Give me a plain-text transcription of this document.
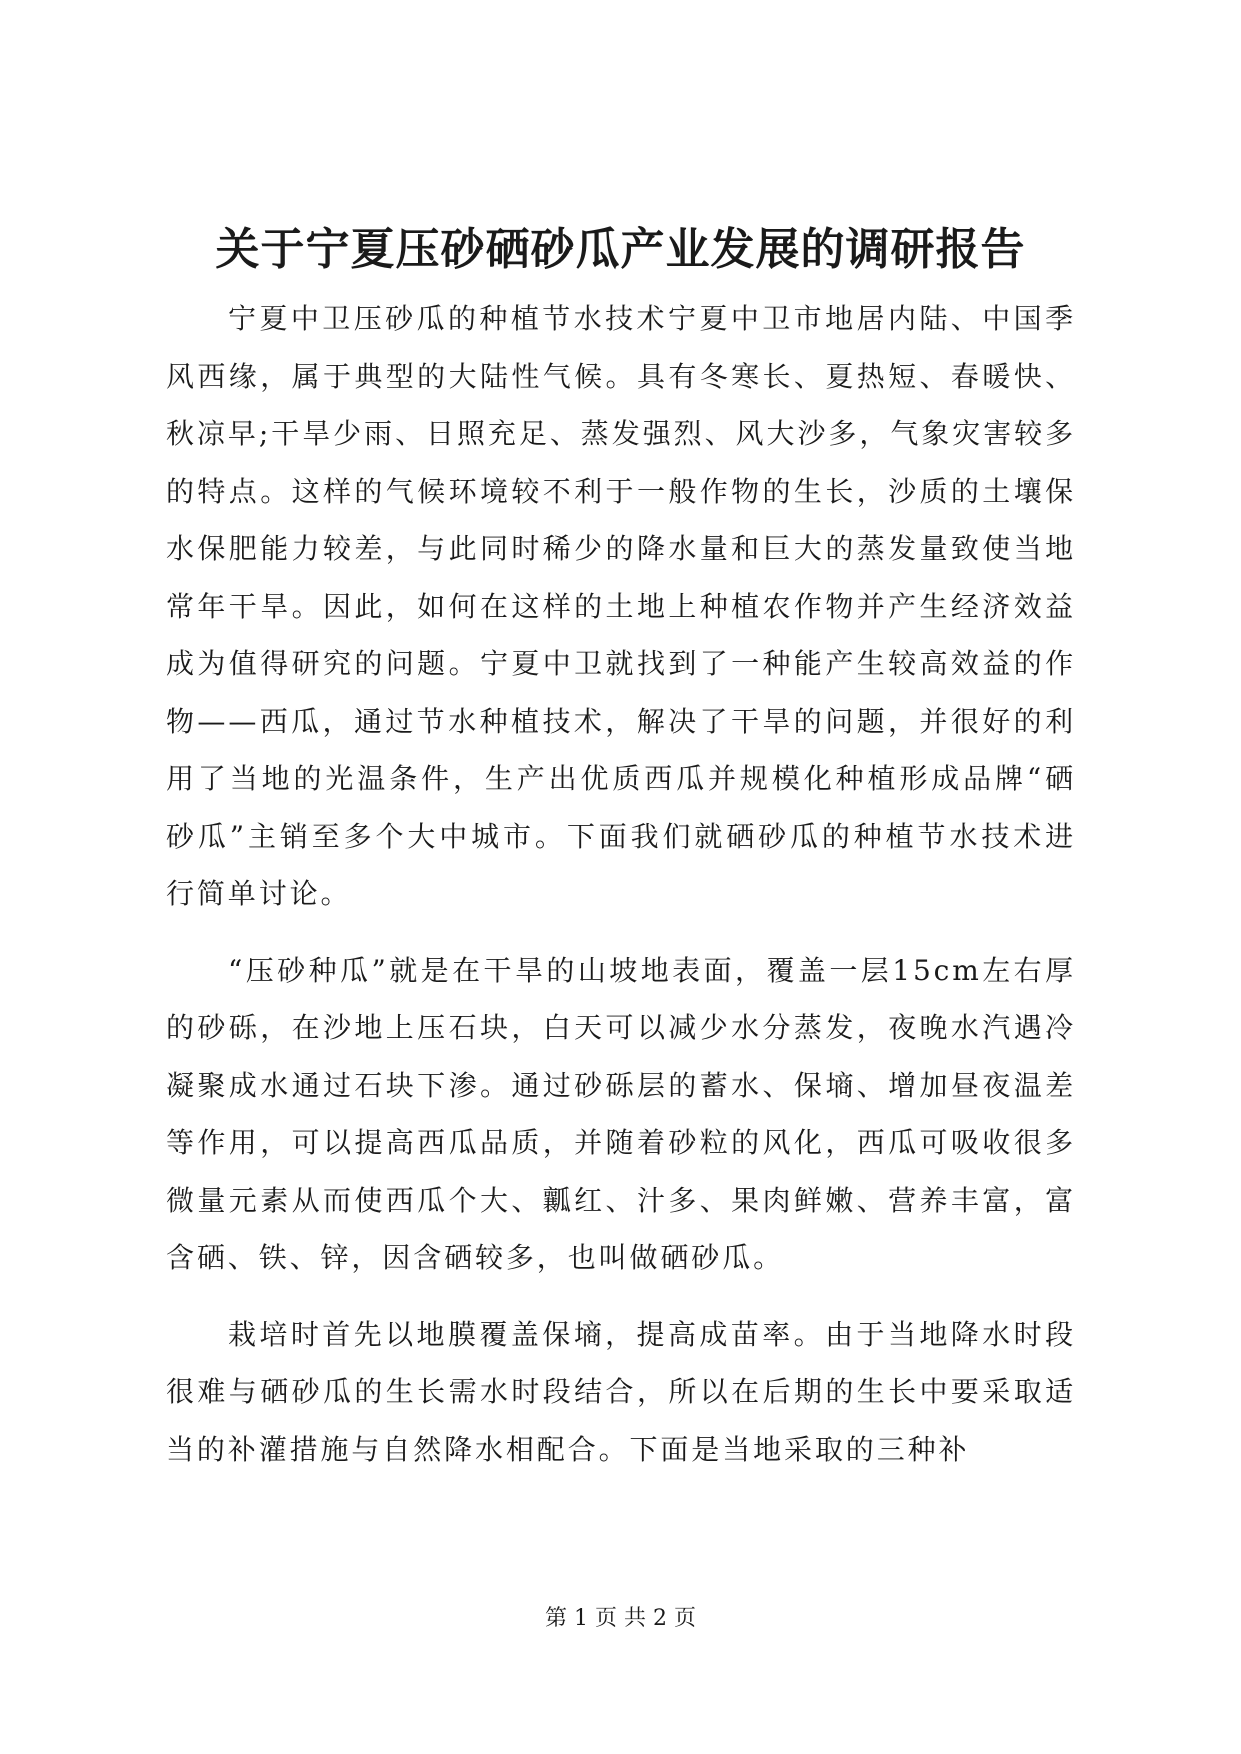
关于宁夏压砂硒砂瓜产业发展的调研报告

宁夏中卫压砂瓜的种植节水技术宁夏中卫市地居内陆、中国季风西缘，属于典型的大陆性气候。具有冬寒长、夏热短、春暖快、秋凉早;干旱少雨、日照充足、蒸发强烈、风大沙多，气象灾害较多的特点。这样的气候环境较不利于一般作物的生长，沙质的土壤保水保肥能力较差，与此同时稀少的降水量和巨大的蒸发量致使当地常年干旱。因此，如何在这样的土地上种植农作物并产生经济效益成为值得研究的问题。宁夏中卫就找到了一种能产生较高效益的作物——西瓜，通过节水种植技术，解决了干旱的问题，并很好的利用了当地的光温条件，生产出优质西瓜并规模化种植形成品牌“硒砂瓜”主销至多个大中城市。下面我们就硒砂瓜的种植节水技术进行简单讨论。

“压砂种瓜”就是在干旱的山坡地表面，覆盖一层15cm左右厚的砂砾，在沙地上压石块，白天可以减少水分蒸发，夜晚水汽遇冷凝聚成水通过石块下渗。通过砂砾层的蓄水、保墒、增加昼夜温差等作用，可以提高西瓜品质，并随着砂粒的风化，西瓜可吸收很多微量元素从而使西瓜个大、瓤红、汁多、果肉鲜嫩、营养丰富，富含硒、铁、锌，因含硒较多，也叫做硒砂瓜。

栽培时首先以地膜覆盖保墒，提高成苗率。由于当地降水时段很难与硒砂瓜的生长需水时段结合，所以在后期的生长中要采取适当的补灌措施与自然降水相配合。下面是当地采取的三种补

第 1 页 共 2 页
